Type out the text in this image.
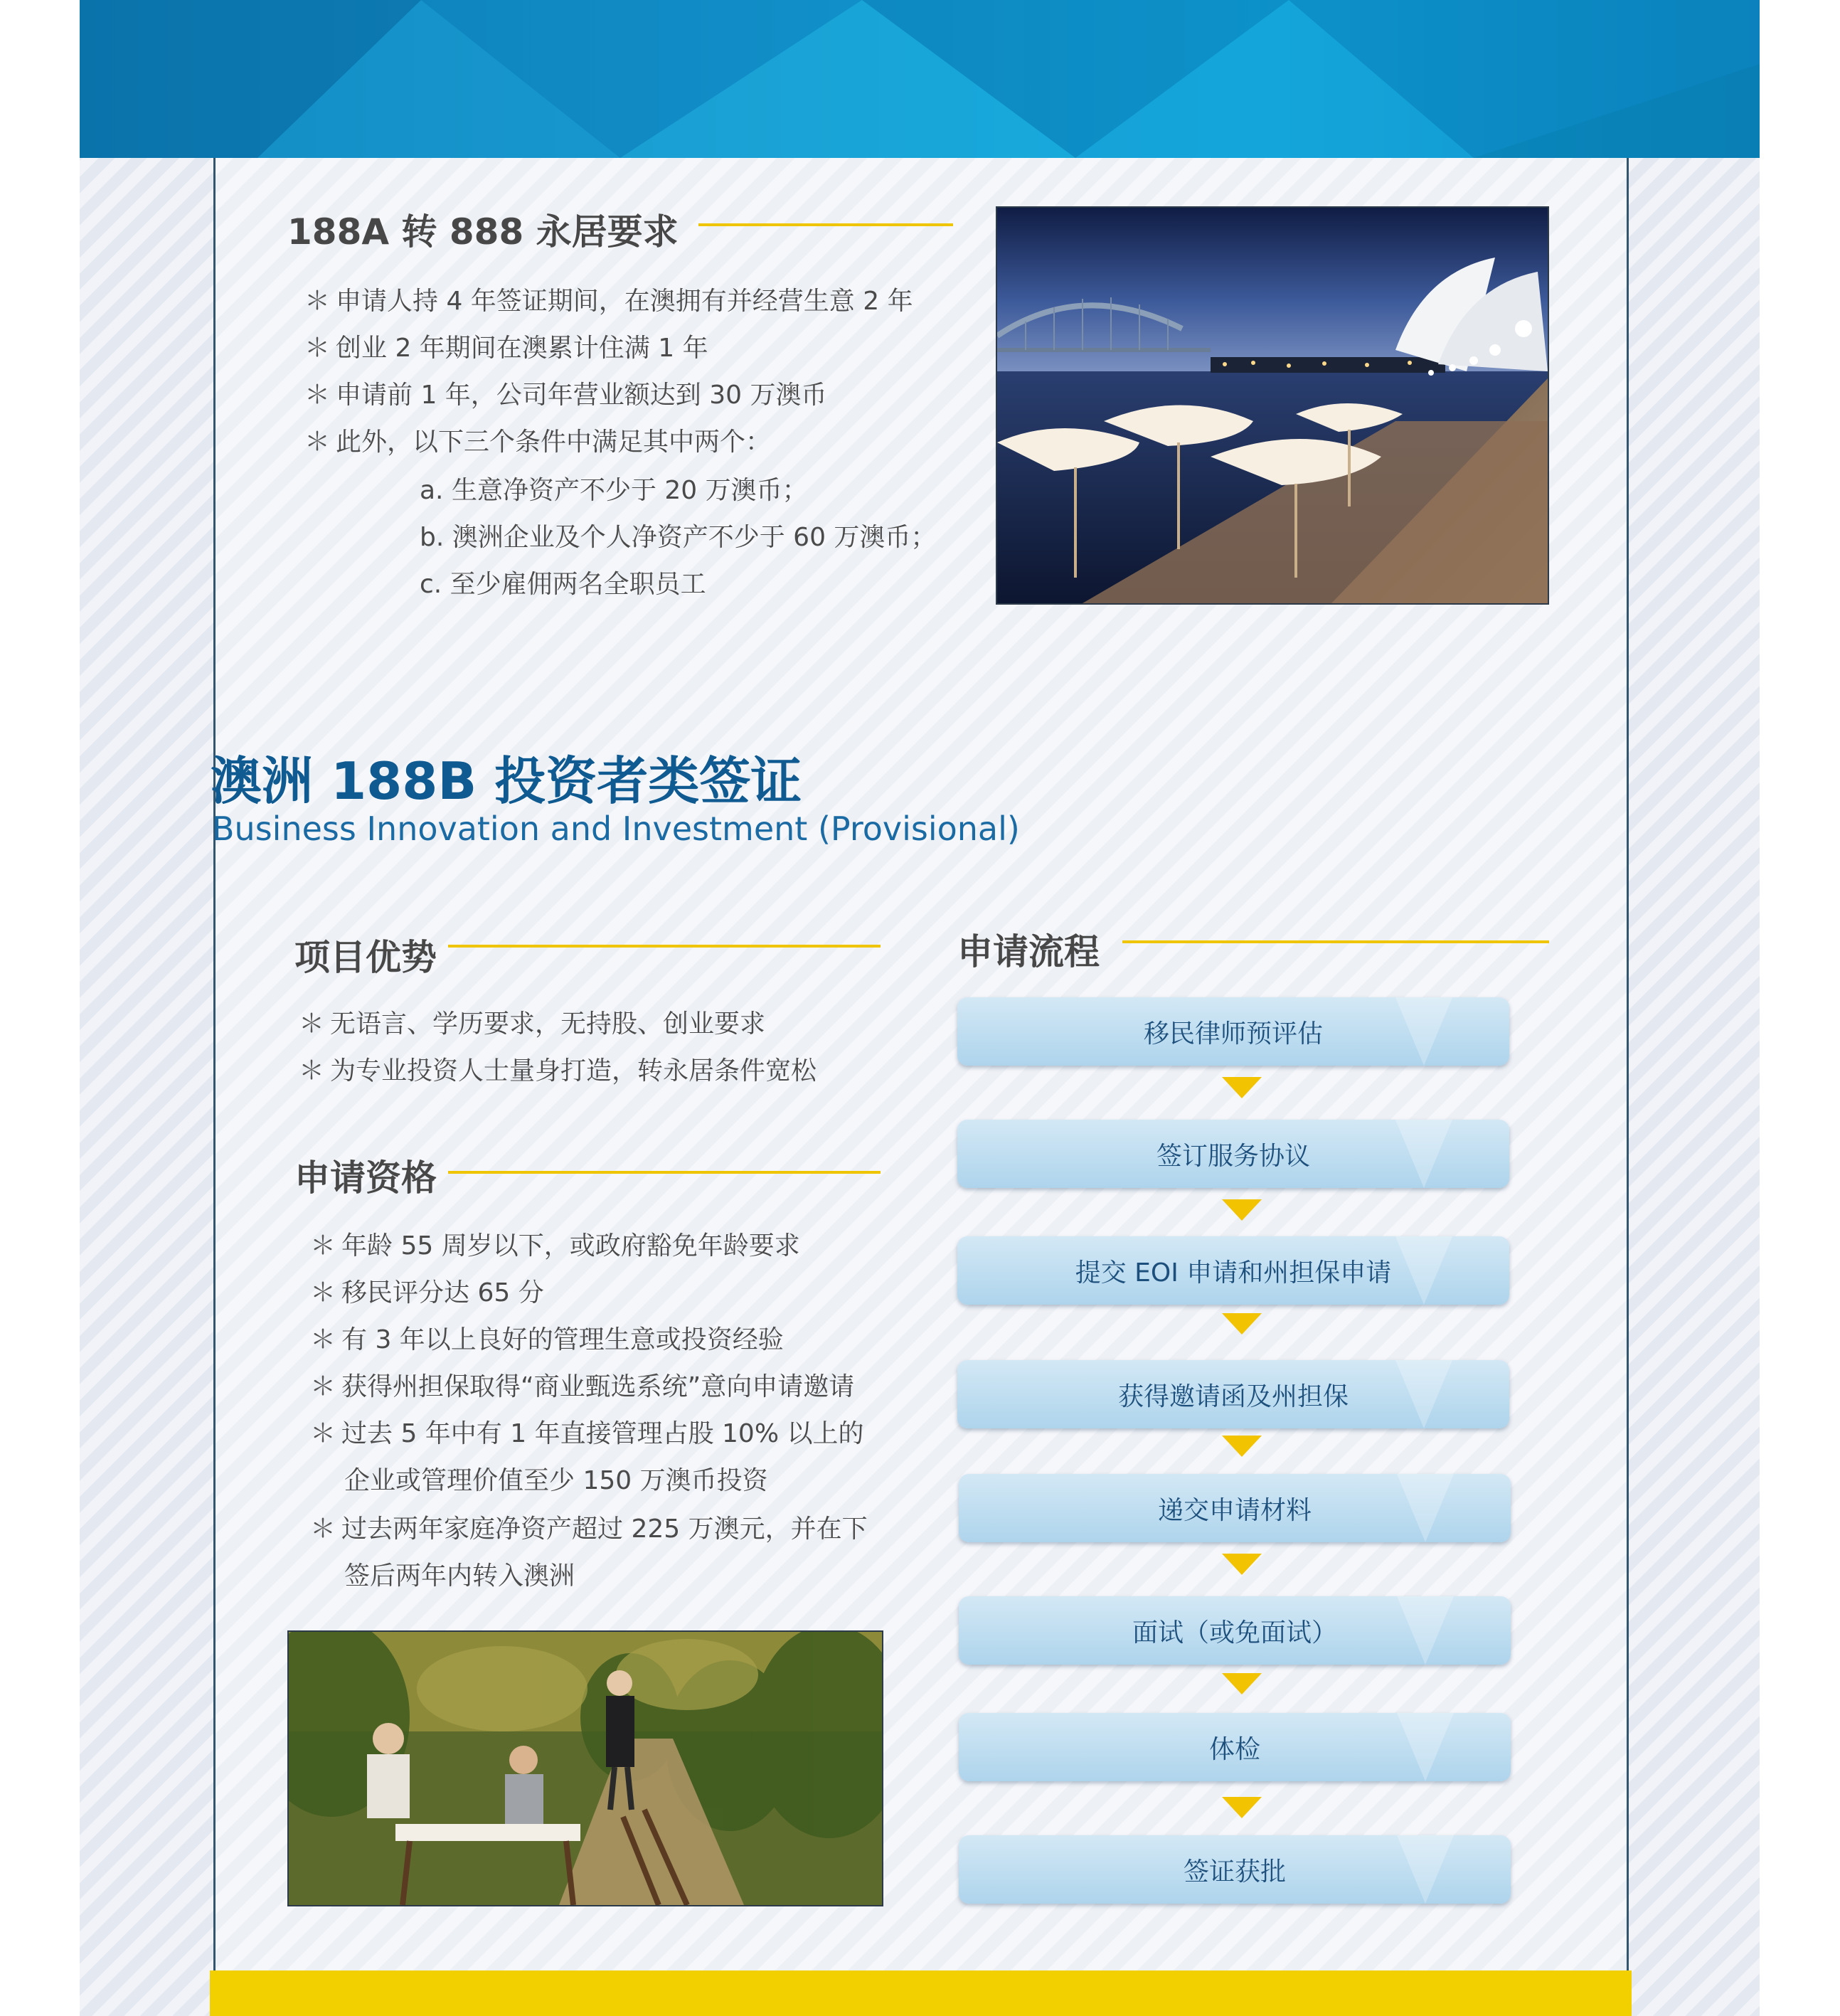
188A 转 888 永居要求
＊ 申请人持 4 年签证期间，在澳拥有并经营生意 2 年
＊ 创业 2 年期间在澳累计住满 1 年
＊ 申请前 1 年，公司年营业额达到 30 万澳币
＊ 此外，以下三个条件中满足其中两个：
a. 生意净资产不少于 20 万澳币；
b. 澳洲企业及个人净资产不少于 60 万澳币；
c. 至少雇佣两名全职员工
澳洲 188B 投资者类签证
Business Innovation and Investment (Provisional)
项目优势
＊ 无语言、学历要求，无持股、创业要求
＊ 为专业投资人士量身打造，转永居条件宽松
申请资格
＊ 年龄 55 周岁以下，或政府豁免年龄要求
＊ 移民评分达 65 分
＊ 有 3 年以上良好的管理生意或投资经验
＊ 获得州担保取得“商业甄选系统”意向申请邀请
＊ 过去 5 年中有 1 年直接管理占股 10% 以上的
企业或管理价值至少 150 万澳币投资
＊ 过去两年家庭净资产超过 225 万澳元，并在下
签后两年内转入澳洲
申请流程
移民律师预评估
签订服务协议
提交 EOI 申请和州担保申请
获得邀请函及州担保
递交申请材料
面试（或免面试）
体检
签证获批
